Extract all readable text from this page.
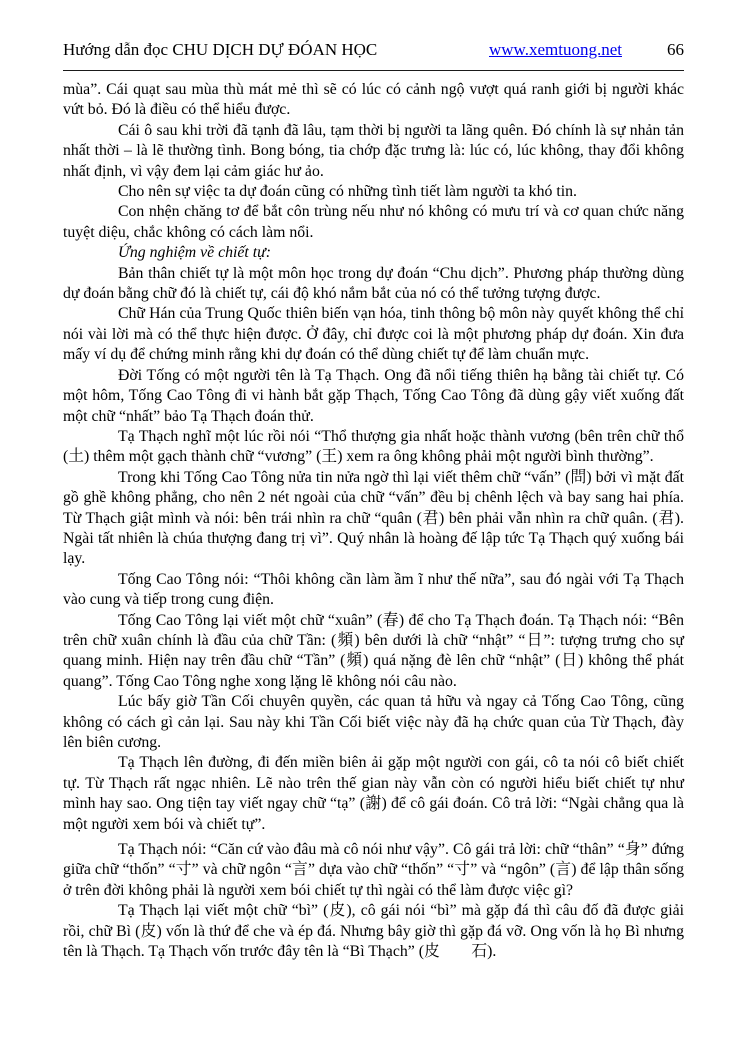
Hướng dẫn đọc CHU DỊCH DỰ ĐÓAN HỌC	www.xemtuong.net	66

mùa”. Cái quạt sau mùa thù mát mẻ thì sẽ có lúc có cảnh ngộ vượt quá ranh giới bị người khác vứt bỏ. Đó là điều có thể hiểu được.

Cái ô sau khi trời đã tạnh đã lâu, tạm thời bị người ta lãng quên. Đó chính là sự nhản tản nhất thời – là lẽ thường tình. Bong bóng, tia chớp đặc trưng là: lúc có, lúc không, thay đổi không nhất định, vì vậy đem lại cảm giác hư ảo.

Cho nên sự việc ta dự đoán cũng có những tình tiết làm người ta khó tin.

Con nhện chăng tơ để bắt côn trùng nếu như nó không có mưu trí và cơ quan chức năng tuyệt diệu, chắc không có cách làm nổi.

Ứng nghiệm về chiết tự:

Bản thân chiết tự là một môn học trong dự đoán “Chu dịch”. Phương pháp thường dùng dự đoán bằng chữ đó là chiết tự, cái độ khó nắm bắt của nó có thể tưởng tượng được.

Chữ Hán của Trung Quốc thiên biến vạn hóa, tinh thông bộ môn này quyết không thể chỉ nói vài lời mà có thể thực hiện được. Ở đây, chỉ được coi là một phương pháp dự đoán. Xin đưa mấy ví dụ để chứng minh rằng khi dự đoán có thể dùng chiết tự để làm chuẩn mực.

Đời Tống có một người tên là Tạ Thạch. Ong đã nổi tiếng thiên hạ bằng tài chiết tự. Có một hôm, Tống Cao Tông đi vi hành bắt gặp Thạch, Tống Cao Tông đã dùng gậy viết xuống đất một chữ “nhất” bảo Tạ Thạch đoán thử.

Tạ Thạch nghĩ một lúc rồi nói “Thổ thượng gia nhất hoặc thành vương (bên trên chữ thổ (土) thêm một gạch thành chữ “vương” (王) xem ra ông không phải một người bình thường”.

Trong khi Tống Cao Tông nửa tin nửa ngờ thì lại viết thêm chữ “vấn” (問) bởi vì mặt đất gồ ghề không phẳng, cho nên 2 nét ngoài của chữ “vấn” đều bị chênh lệch và bay sang hai phía. Từ Thạch giật mình và nói: bên trái nhìn ra chữ “quân (君) bên phải vẫn nhìn ra chữ quân. (君). Ngài tất nhiên là chúa thượng đang trị vì”. Quý nhân là hoàng đế lập tức Tạ Thạch quý xuống bái lạy.

Tống Cao Tông nói: “Thôi không cần làm ầm ĩ như thế nữa”, sau đó ngài với Tạ Thạch vào cung và tiếp trong cung điện.

Tống Cao Tông lại viết một chữ “xuân” (春) để cho Tạ Thạch đoán. Tạ Thạch nói: “Bên trên chữ xuân chính là đầu của chữ Tần: (頻) bên dưới là chữ “nhật” “日”: tượng trưng cho sự quang minh. Hiện nay trên đầu chữ “Tần” (頻) quá nặng đè lên chữ “nhật” (日) không thể phát quang”. Tống Cao Tông nghe xong lặng lẽ không nói câu nào.

Lúc bấy giờ Tần Cối chuyên quyền, các quan tả hữu và ngay cả Tống Cao Tông, cũng không có cách gì cản lại. Sau này khi Tần Cối biết việc này đã hạ chức quan của Từ Thạch, đày lên biên cương.

Tạ Thạch lên đường, đi đến miền biên ải gặp một người con gái, cô ta nói cô biết chiết tự. Từ Thạch rất ngạc nhiên. Lẽ nào trên thế gian này vẫn còn có người hiểu biết chiết tự như mình hay sao. Ong tiện tay viết ngay chữ “tạ” (謝) để cô gái đoán. Cô trả lời: “Ngài chẳng qua là một người xem bói và chiết tự”.

Tạ Thạch nói: “Căn cứ vào đâu mà cô nói như vậy”. Cô gái trả lời: chữ “thân” “身” đứng giữa chữ “thốn” “寸” và chữ ngôn “言” dựa vào chữ “thốn” “寸” và “ngôn” (言) để lập thân sống ở trên đời không phải là người xem bói chiết tự thì ngài có thể làm được việc gì?

Tạ Thạch lại viết một chữ “bì” (皮), cô gái nói “bì” mà gặp đá thì câu đố đã được giải rồi, chữ Bì (皮) vốn là thứ để che và ép đá. Nhưng bây giờ thì gặp đá vỡ. Ong vốn là họ Bì nhưng tên là Thạch. Tạ Thạch vốn trước đây tên là “Bì Thạch” (皮　　石).
